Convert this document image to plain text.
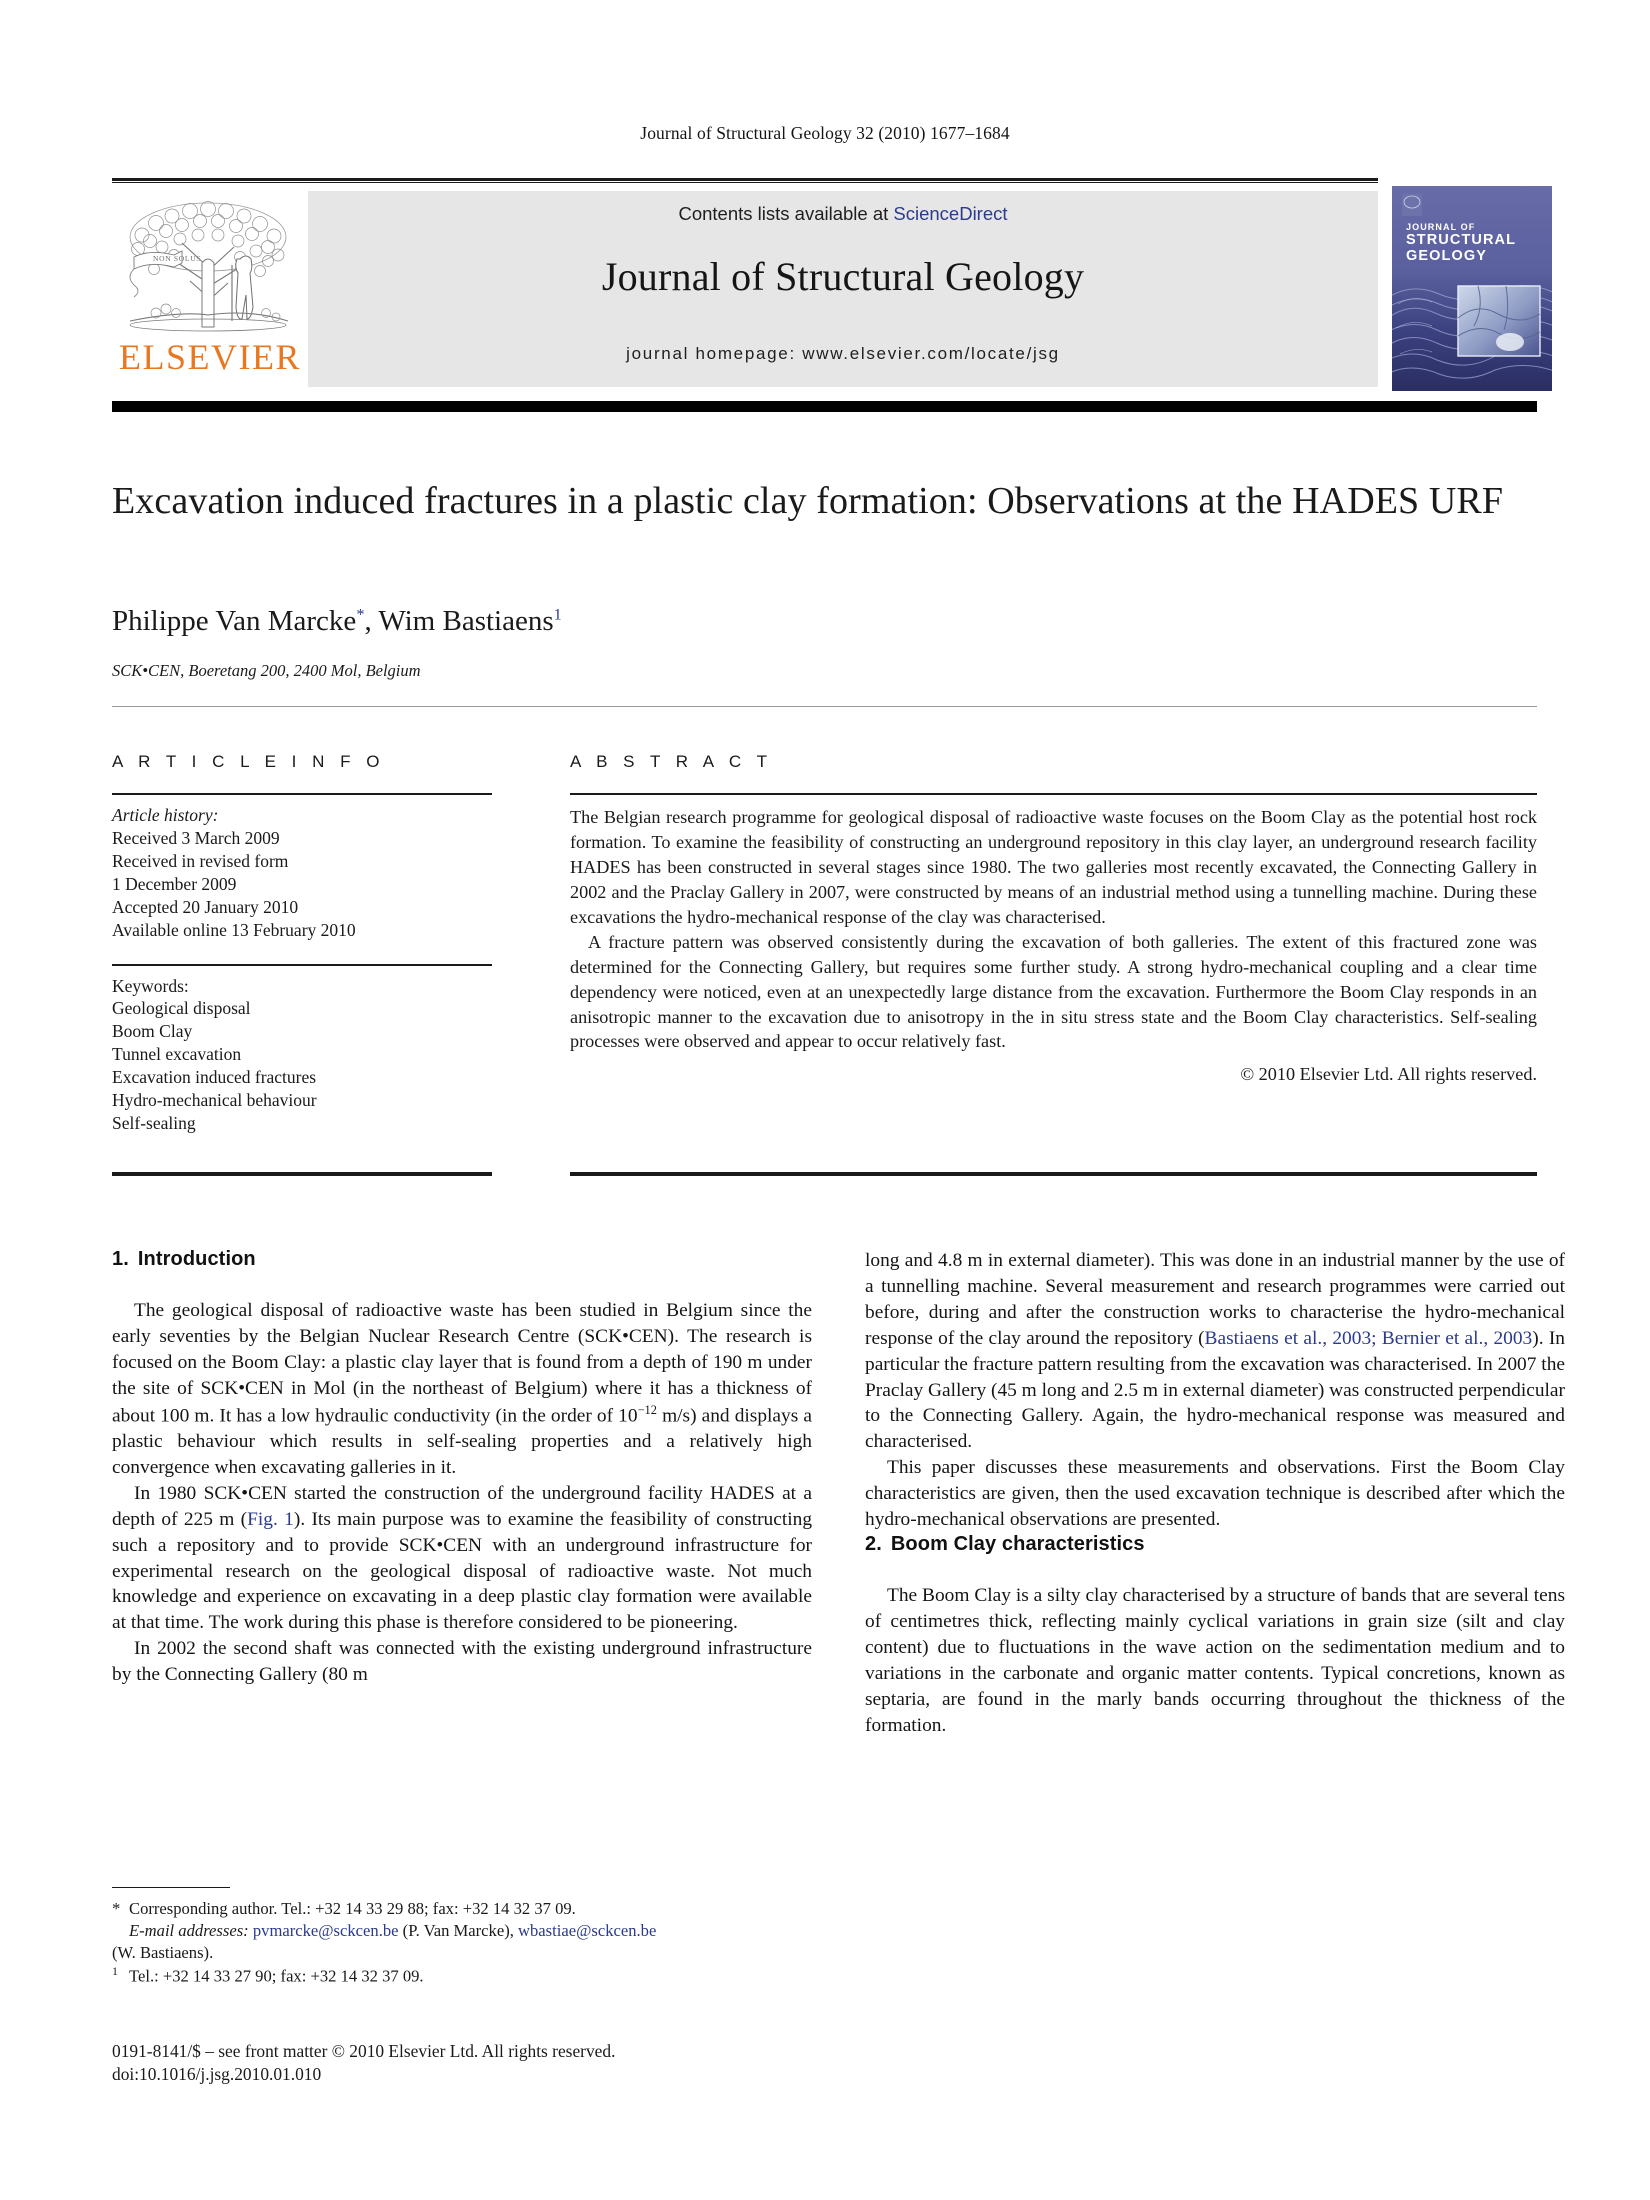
Journal of Structural Geology 32 (2010) 1677–1684
NON SOLUS
ELSEVIER
Contents lists available at ScienceDirect
Journal of Structural Geology
journal homepage: www.elsevier.com/locate/jsg
JOURNAL OF
STRUCTURAL
GEOLOGY
Excavation induced fractures in a plastic clay formation: Observations at the HADES URF
Philippe Van Marcke*, Wim Bastiaens$^1$
SCK•CEN, Boeretang 200, 2400 Mol, Belgium
A R T I C L E I N F O
Article history:
Received 3 March 2009
Received in revised form
1 December 2009
Accepted 20 January 2010
Available online 13 February 2010
Keywords:
Geological disposal
Boom Clay
Tunnel excavation
Excavation induced fractures
Hydro-mechanical behaviour
Self-sealing
A B S T R A C T

The Belgian research programme for geological disposal of radioactive waste focuses on the Boom Clay as the potential host rock formation. To examine the feasibility of constructing an underground repository in this clay layer, an underground research facility HADES has been constructed in several stages since 1980. The two galleries most recently excavated, the Connecting Gallery in 2002 and the Praclay Gallery in 2007, were constructed by means of an industrial method using a tunnelling machine. During these excavations the hydro-mechanical response of the clay was characterised.

A fracture pattern was observed consistently during the excavation of both galleries. The extent of this fractured zone was determined for the Connecting Gallery, but requires some further study. A strong hydro-mechanical coupling and a clear time dependency were noticed, even at an unexpectedly large distance from the excavation. Furthermore the Boom Clay responds in an anisotropic manner to the excavation due to anisotropy in the in situ stress state and the Boom Clay characteristics. Self-sealing processes were observed and appear to occur relatively fast.

© 2010 Elsevier Ltd. All rights reserved.
1. Introduction

The geological disposal of radioactive waste has been studied in Belgium since the early seventies by the Belgian Nuclear Research Centre (SCK•CEN). The research is focused on the Boom Clay: a plastic clay layer that is found from a depth of 190 m under the site of SCK•CEN in Mol (in the northeast of Belgium) where it has a thickness of about 100 m. It has a low hydraulic conductivity (in the order of $10^{-12}$ m/s) and displays a plastic behaviour which results in self-sealing properties and a relatively high convergence when excavating galleries in it.

In 1980 SCK•CEN started the construction of the underground facility HADES at a depth of 225 m (Fig. 1). Its main purpose was to examine the feasibility of constructing such a repository and to provide SCK•CEN with an underground infrastructure for experimental research on the geological disposal of radioactive waste. Not much knowledge and experience on excavating in a deep plastic clay formation were available at that time. The work during this phase is therefore considered to be pioneering.

In 2002 the second shaft was connected with the existing underground infrastructure by the Connecting Gallery (80 m

long and 4.8 m in external diameter). This was done in an industrial manner by the use of a tunnelling machine. Several measurement and research programmes were carried out before, during and after the construction works to characterise the hydro-mechanical response of the clay around the repository (Bastiaens et al., 2003; Bernier et al., 2003). In particular the fracture pattern resulting from the excavation was characterised. In 2007 the Praclay Gallery (45 m long and 2.5 m in external diameter) was constructed perpendicular to the Connecting Gallery. Again, the hydro-mechanical response was measured and characterised.

This paper discusses these measurements and observations. First the Boom Clay characteristics are given, then the used excavation technique is described after which the hydro-mechanical observations are presented.

2. Boom Clay characteristics

The Boom Clay is a silty clay characterised by a structure of bands that are several tens of centimetres thick, reflecting mainly cyclical variations in grain size (silt and clay content) due to fluctuations in the wave action on the sedimentation medium and to variations in the carbonate and organic matter contents. Typical concretions, known as septaria, are found in the marly bands occurring throughout the thickness of the formation.

* Corresponding author. Tel.: +32 14 33 29 88; fax: +32 14 32 37 09.

E-mail addresses: pvmarcke@sckcen.be (P. Van Marcke), wbastiae@sckcen.be

(W. Bastiaens).

1 Tel.: +32 14 33 27 90; fax: +32 14 32 37 09.

0191-8141/$ – see front matter © 2010 Elsevier Ltd. All rights reserved.

doi:10.1016/j.jsg.2010.01.010
